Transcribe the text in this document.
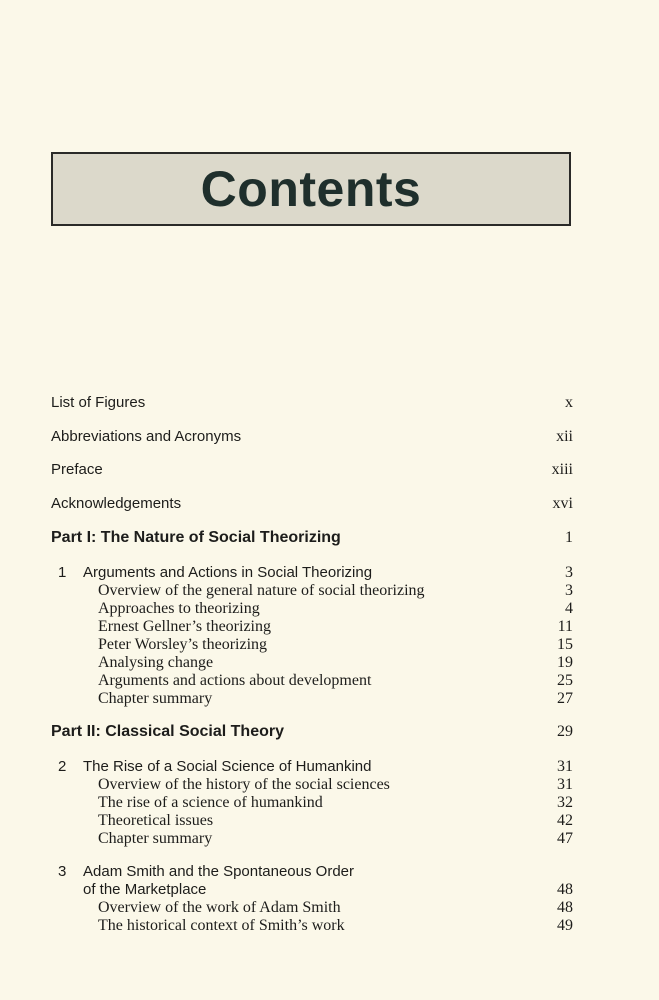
Contents
List of Figures	x
Abbreviations and Acronyms	xii
Preface	xiii
Acknowledgements	xvi
Part I: The Nature of Social Theorizing	1
1 Arguments and Actions in Social Theorizing	3
Overview of the general nature of social theorizing	3
Approaches to theorizing	4
Ernest Gellner’s theorizing	11
Peter Worsley’s theorizing	15
Analysing change	19
Arguments and actions about development	25
Chapter summary	27
Part II: Classical Social Theory	29
2 The Rise of a Social Science of Humankind	31
Overview of the history of the social sciences	31
The rise of a science of humankind	32
Theoretical issues	42
Chapter summary	47
3 Adam Smith and the Spontaneous Order
of the Marketplace	48
Overview of the work of Adam Smith	48
The historical context of Smith’s work	49
